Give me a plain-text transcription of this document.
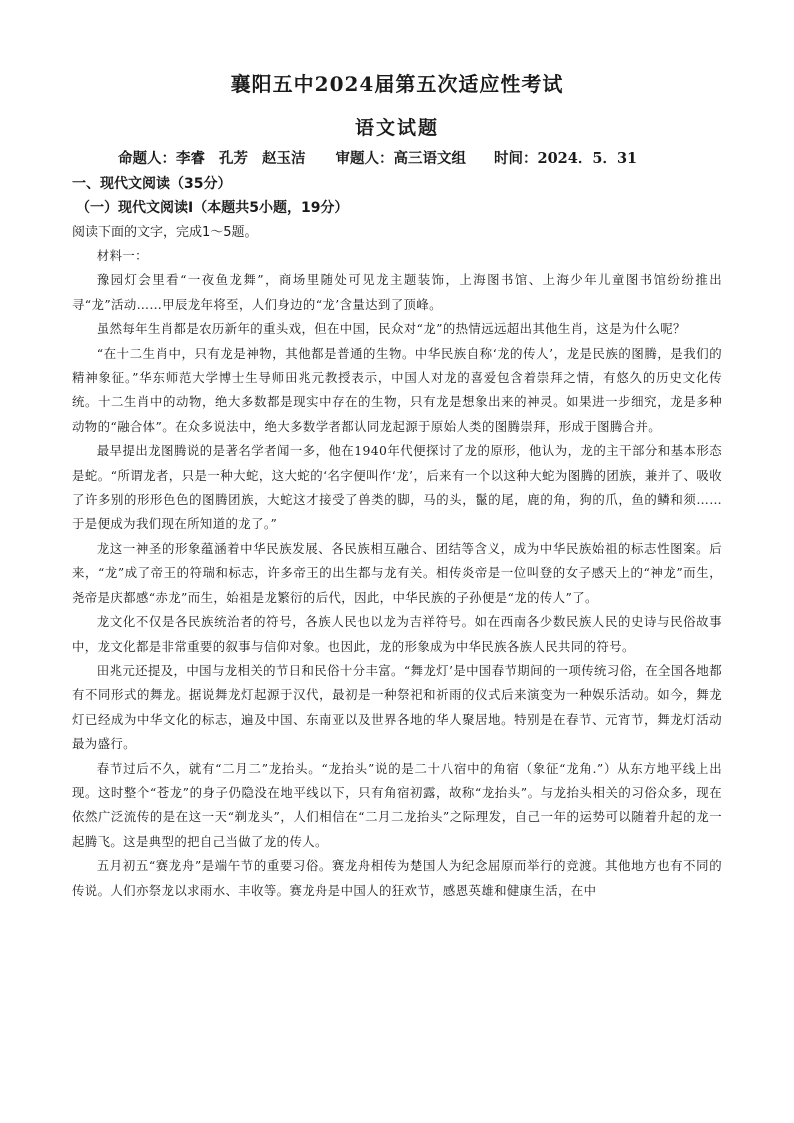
襄阳五中2024届第五次适应性考试
语文试题
命题人：李睿 孔芳 赵玉洁 审题人：高三语文组 时间：2024．5．31
一、现代文阅读（35分）
（一）现代文阅读Ⅰ（本题共5小题，19分）
阅读下面的文字，完成1～5题。

材料一：

豫园灯会里看“一夜鱼龙舞”，商场里随处可见龙主题装饰，上海图书馆、上海少年儿童图书馆纷纷推出寻“龙”活动……甲辰龙年将至，人们身边的“龙’含量达到了顶峰。

虽然每年生肖都是农历新年的重头戏，但在中国，民众对“龙”的热情远远超出其他生肖，这是为什么呢？

“在十二生肖中，只有龙是神物，其他都是普通的生物。中华民族自称‘龙的传人’，龙是民族的图腾，是我们的精神象征。”华东师范大学博士生导师田兆元教授表示，中国人对龙的喜爱包含着崇拜之情，有悠久的历史文化传统。十二生肖中的动物，绝大多数都是现实中存在的生物，只有龙是想象出来的神灵。如果进一步细究，龙是多种动物的“融合体”。在众多说法中，绝大多数学者都认同龙起源于原始人类的图腾崇拜，形成于图腾合并。

最早提出龙图腾说的是著名学者闻一多，他在1940年代便探讨了龙的原形，他认为，龙的主干部分和基本形态是蛇。“所谓龙者，只是一种大蛇，这大蛇的‘名字便叫作‘龙’，后来有一个以这种大蛇为图腾的团族，兼并了、吸收了许多别的形形色色的图腾团族，大蛇这才接受了兽类的脚，马的头，鬣的尾，鹿的角，狗的爪，鱼的鳞和须……于是便成为我们现在所知道的龙了。”

龙这一神圣的形象蕴涵着中华民族发展、各民族相互融合、团结等含义，成为中华民族始祖的标志性图案。后来，“龙”成了帝王的符瑞和标志，许多帝王的出生都与龙有关。相传炎帝是一位叫登的女子感天上的“神龙”而生，尧帝是庆都感“赤龙”而生，始祖是龙繁衍的后代，因此，中华民族的子孙便是“龙的传人”了。

龙文化不仅是各民族统治者的符号，各族人民也以龙为吉祥符号。如在西南各少数民族人民的史诗与民俗故事中，龙文化都是非常重要的叙事与信仰对象。也因此，龙的形象成为中华民族各族人民共同的符号。

田兆元还提及，中国与龙相关的节日和民俗十分丰富。“舞龙灯’是中国春节期间的一项传统习俗，在全国各地都有不同形式的舞龙。据说舞龙灯起源于汉代，最初是一种祭祀和祈雨的仪式后来演变为一种娱乐活动。如今，舞龙灯已经成为中华文化的标志，遍及中国、东南亚以及世界各地的华人聚居地。特别是在春节、元宵节，舞龙灯活动最为盛行。

春节过后不久，就有“二月二”龙抬头。“龙抬头”说的是二十八宿中的角宿（象征“龙角.”）从东方地平线上出现。这时整个“苍龙”的身子仍隐没在地平线以下，只有角宿初露，故称“龙抬头”。与龙抬头相关的习俗众多，现在依然广泛流传的是在这一天“剃龙头”，人们相信在“二月二龙抬头”之际理发，自己一年的运势可以随着升起的龙一起腾飞。这是典型的把自己当做了龙的传人。

五月初五“赛龙舟”是端午节的重要习俗。赛龙舟相传为楚国人为纪念屈原而举行的竞渡。其他地方也有不同的传说。人们亦祭龙以求雨水、丰收等。赛龙舟是中国人的狂欢节，感恩英雄和健康生活，在中
